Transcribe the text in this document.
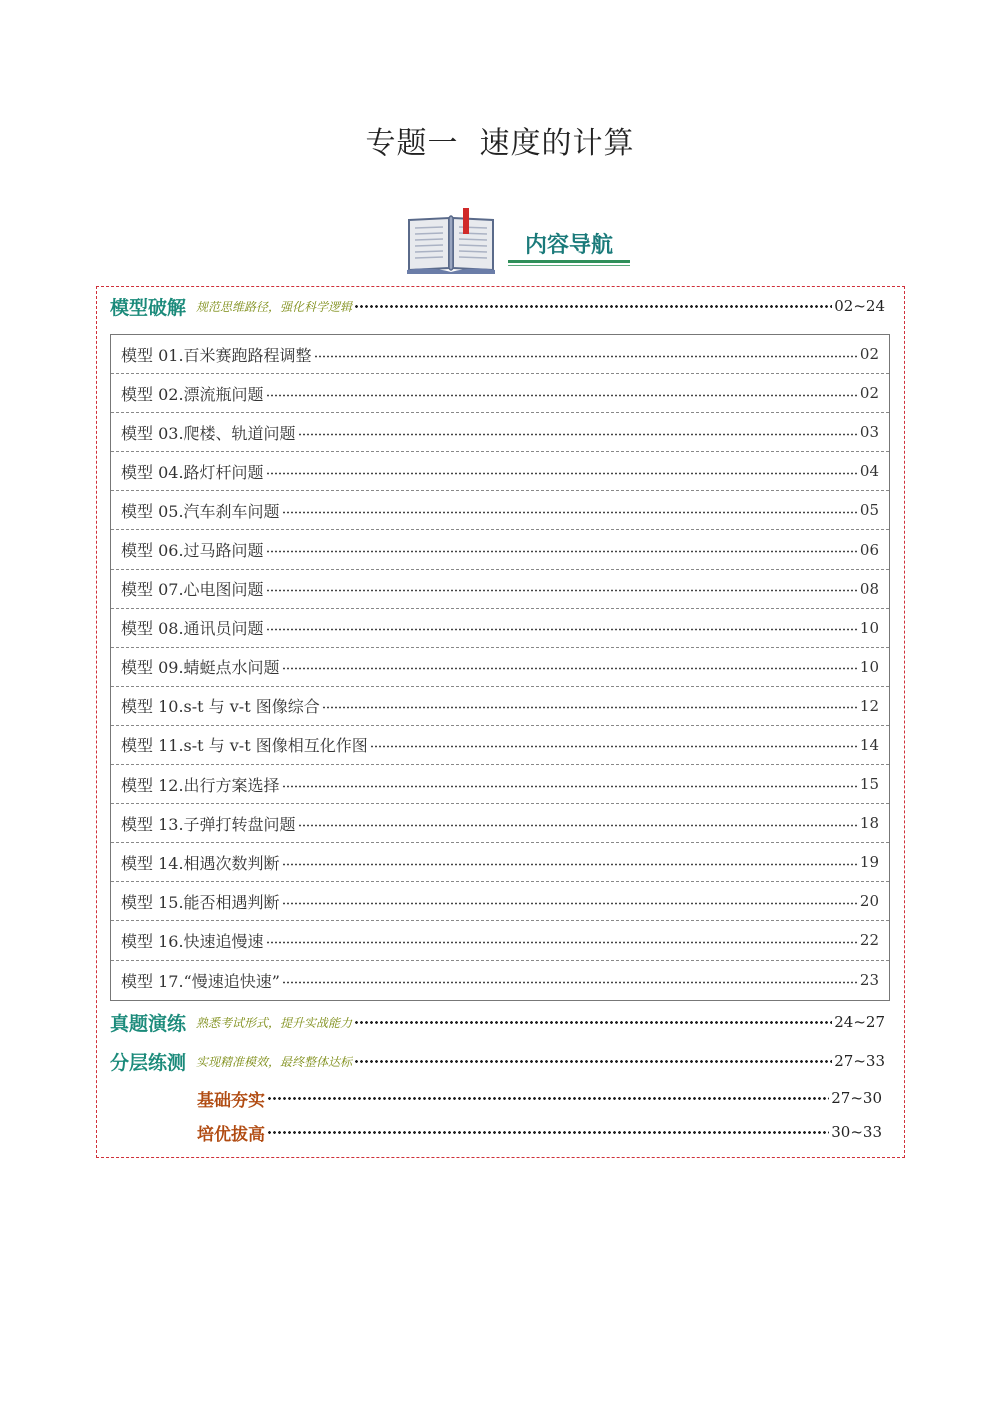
专题一  速度的计算
内容导航
模型破解 规范思维路径，强化科学逻辑	02~24
模型 01.百米赛跑路程调整	02
模型 02.漂流瓶问题	02
模型 03.爬楼、轨道问题	03
模型 04.路灯杆问题	04
模型 05.汽车刹车问题	05
模型 06.过马路问题	06
模型 07.心电图问题	08
模型 08.通讯员问题	10
模型 09.蜻蜓点水问题	10
模型 10.s-t 与 v-t 图像综合	12
模型 11.s-t 与 v-t 图像相互化作图	14
模型 12.出行方案选择	15
模型 13.子弹打转盘问题	18
模型 14.相遇次数判断	19
模型 15.能否相遇判断	20
模型 16.快速追慢速	22
模型 17.“慢速追快速”	23
真题演练 熟悉考试形式，提升实战能力	24~27
分层练测 实现精准模效，最终整体达标	27~33
基础夯实	27~30
培优拔高	30~33
